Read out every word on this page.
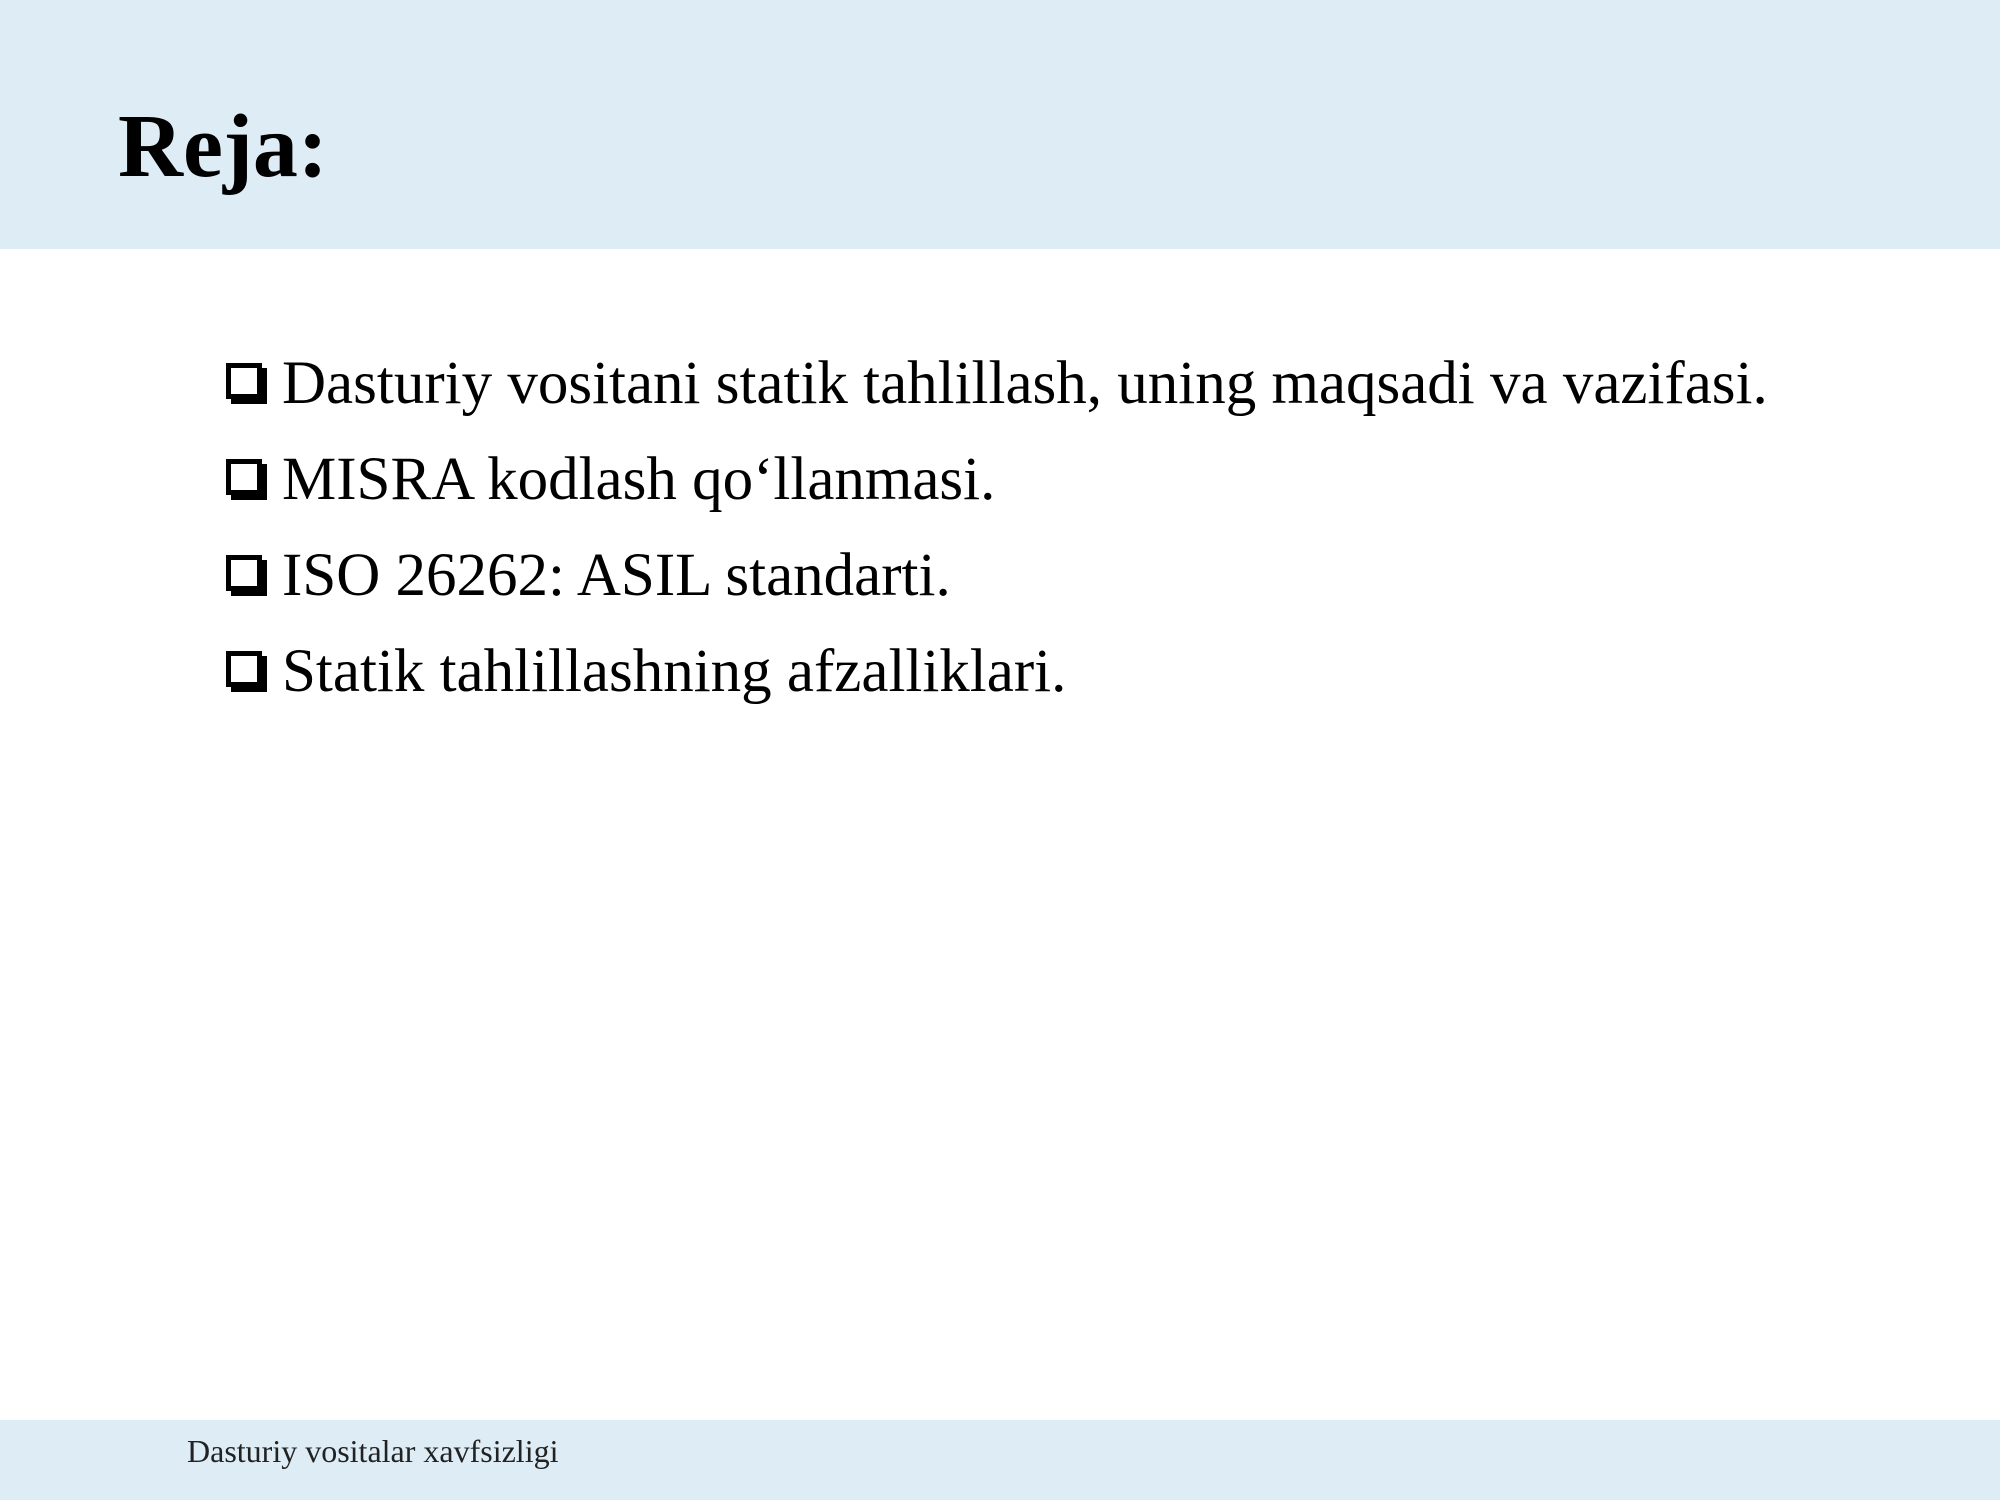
Reja:
Dasturiy vositani statik tahlillash, uning maqsadi va vazifasi.
MISRA kodlash qo‘llanmasi.
ISO 26262: ASIL standarti.
Statik tahlillashning afzalliklari.
Dasturiy vositalar xavfsizligi
